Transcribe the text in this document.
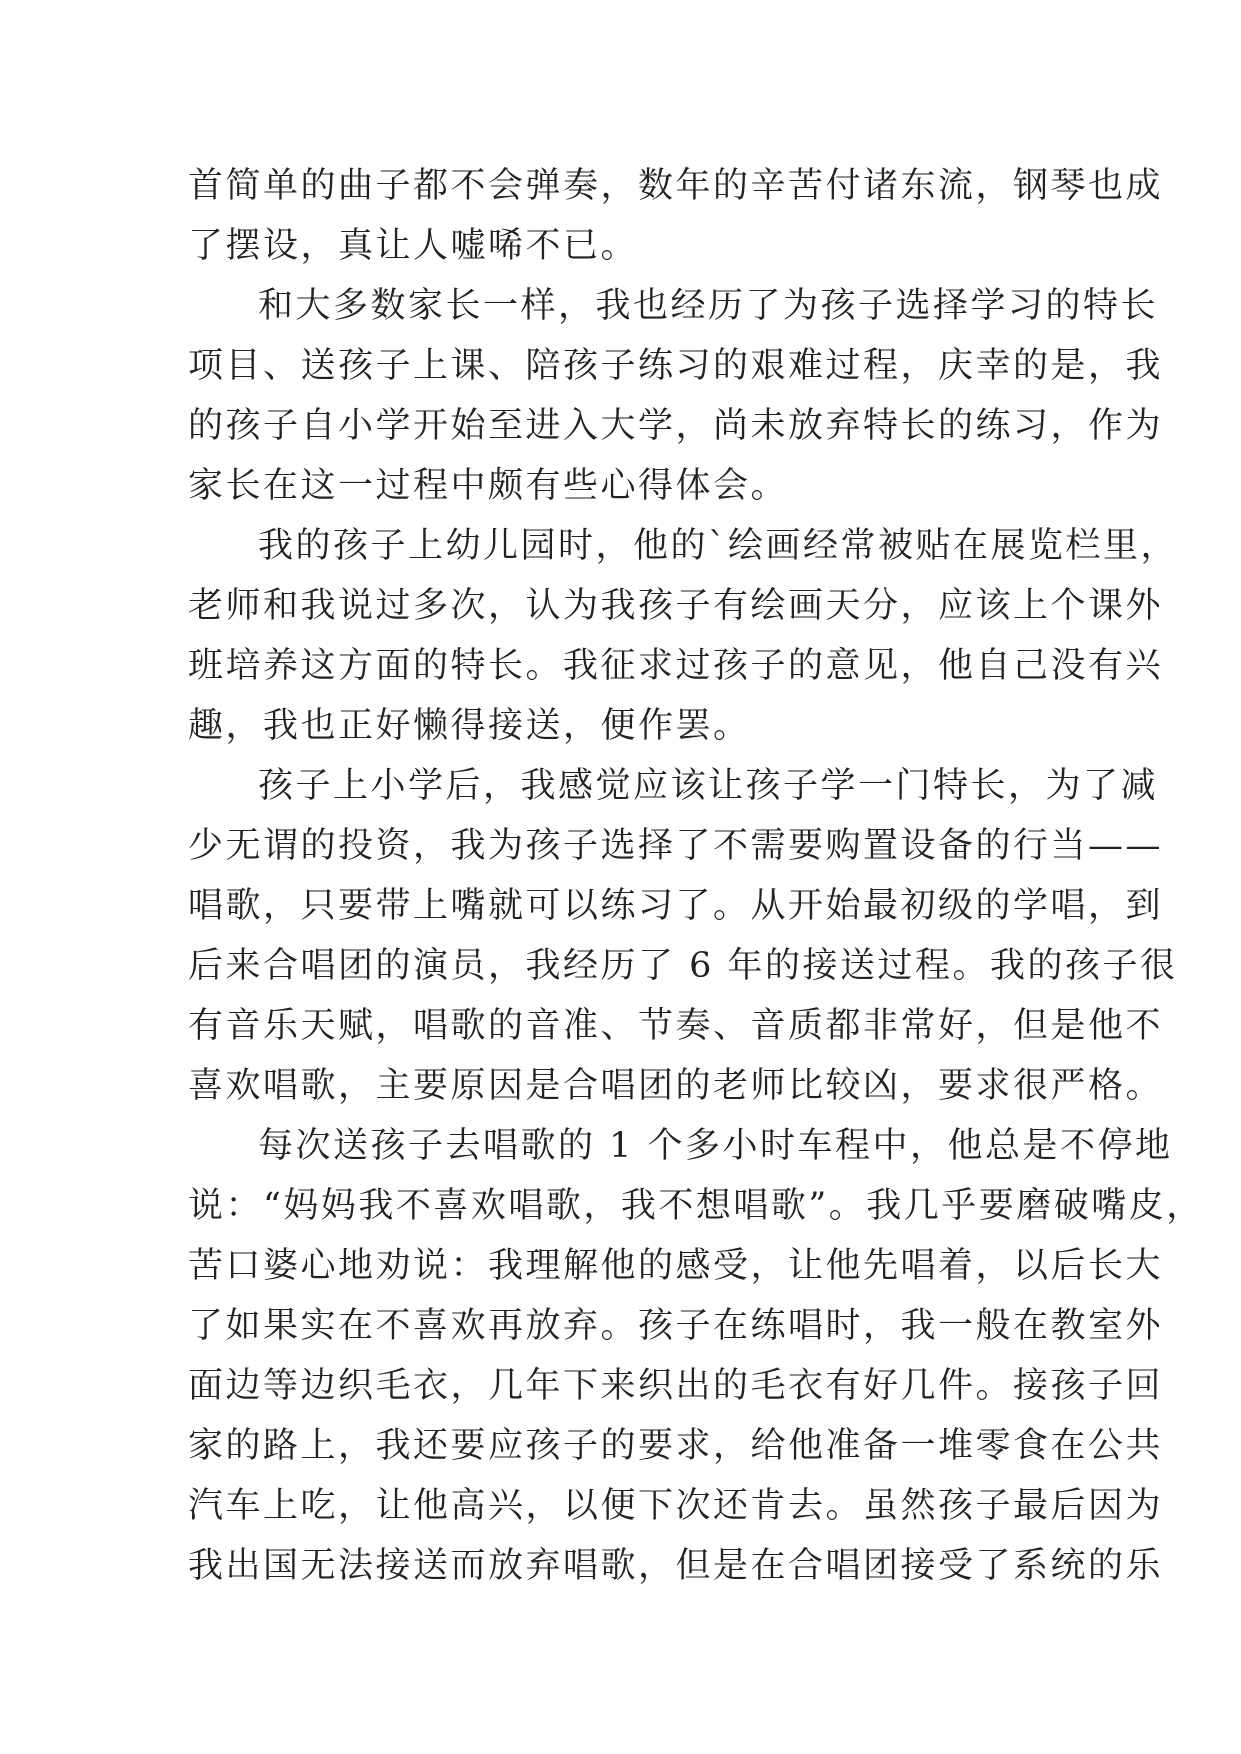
首简单的曲子都不会弹奏，数年的辛苦付诸东流，钢琴也成
了摆设，真让人嘘唏不已。
和大多数家长一样，我也经历了为孩子选择学习的特长
项目、送孩子上课、陪孩子练习的艰难过程，庆幸的是，我
的孩子自小学开始至进入大学，尚未放弃特长的练习，作为
家长在这一过程中颇有些心得体会。
我的孩子上幼儿园时，他的`绘画经常被贴在展览栏里，
老师和我说过多次，认为我孩子有绘画天分，应该上个课外
班培养这方面的特长。我征求过孩子的意见，他自己没有兴
趣，我也正好懒得接送，便作罢。
孩子上小学后，我感觉应该让孩子学一门特长，为了减
少无谓的投资，我为孩子选择了不需要购置设备的行当——
唱歌，只要带上嘴就可以练习了。从开始最初级的学唱，到
后来合唱团的演员，我经历了 6 年的接送过程。我的孩子很
有音乐天赋，唱歌的音准、节奏、音质都非常好，但是他不
喜欢唱歌，主要原因是合唱团的老师比较凶，要求很严格。
每次送孩子去唱歌的 1 个多小时车程中，他总是不停地
说：“妈妈我不喜欢唱歌，我不想唱歌”。我几乎要磨破嘴皮，
苦口婆心地劝说：我理解他的感受，让他先唱着，以后长大
了如果实在不喜欢再放弃。孩子在练唱时，我一般在教室外
面边等边织毛衣，几年下来织出的毛衣有好几件。接孩子回
家的路上，我还要应孩子的要求，给他准备一堆零食在公共
汽车上吃，让他高兴，以便下次还肯去。虽然孩子最后因为
我出国无法接送而放弃唱歌，但是在合唱团接受了系统的乐
